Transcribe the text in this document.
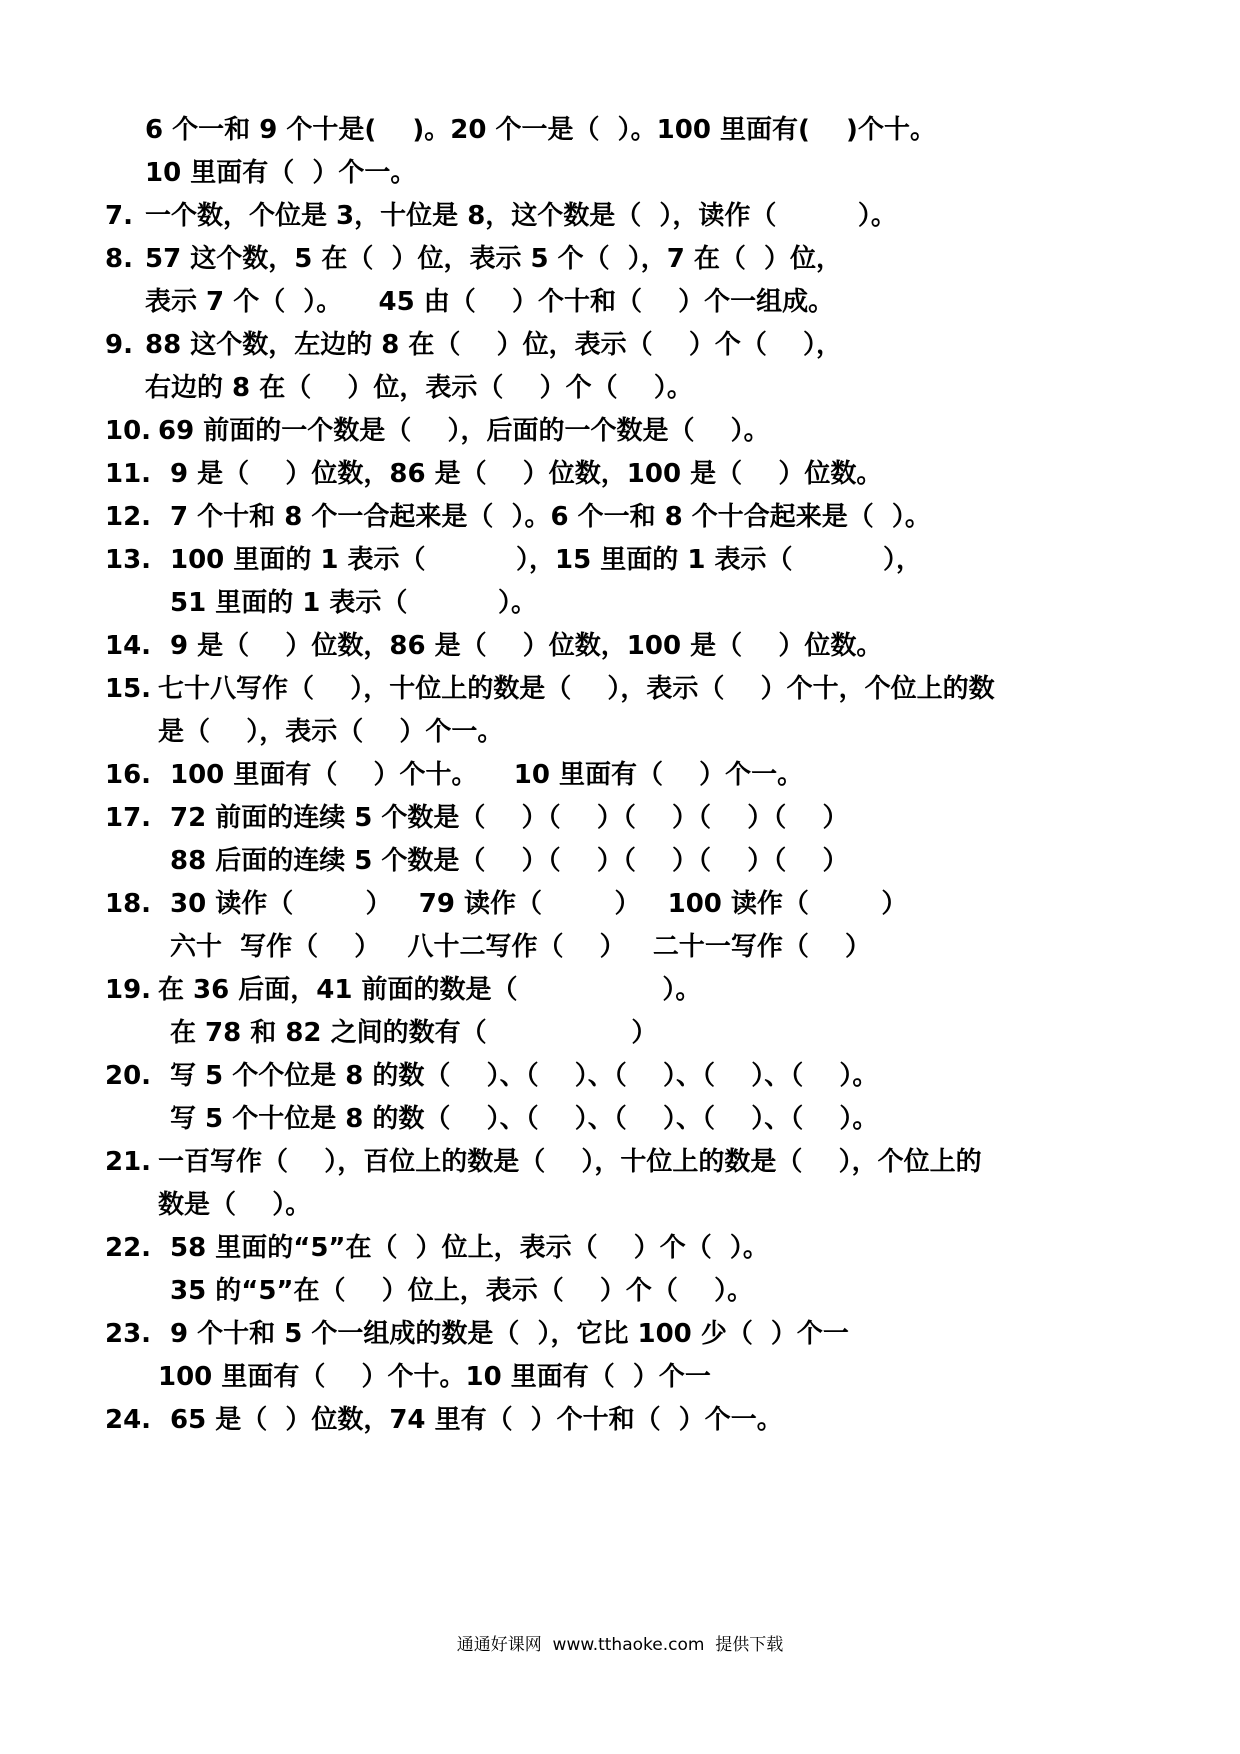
6 个一和 9 个十是(    )。20 个一是（  ）。100 里面有(    )个十。
10 里面有（  ）个一。
7. 一个数，个位是 3，十位是 8，这个数是（  ），读作（         ）。
8. 57 这个数，5 在（  ）位，表示 5 个（  ），7 在（  ）位，
表示 7 个（  ）。    45 由（    ）个十和（    ）个一组成。
9. 88 这个数，左边的 8 在（    ）位，表示（    ）个（    ），
右边的 8 在（    ）位，表示（    ）个（    ）。
10. 69 前面的一个数是（    ），后面的一个数是（    ）。
11. 9 是（    ）位数，86 是（    ）位数，100 是（    ）位数。
12. 7 个十和 8 个一合起来是（  ）。6 个一和 8 个十合起来是（  ）。
13. 100 里面的 1 表示（          ），15 里面的 1 表示（          ），
51 里面的 1 表示（          ）。
14. 9 是（    ）位数，86 是（    ）位数，100 是（    ）位数。
15. 七十八写作（    ），十位上的数是（    ），表示（    ）个十，个位上的数
是（    ），表示（    ）个一。
16. 100 里面有（    ）个十。    10 里面有（    ）个一。
17. 72 前面的连续 5 个数是（    ）（    ）（    ）（    ）（    ）
88 后面的连续 5 个数是（    ）（    ）（    ）（    ）（    ）
18. 30 读作（        ）   79 读作（        ）   100 读作（        ）
六十  写作（    ）   八十二写作（    ）   二十一写作（    ）
19. 在 36 后面，41 前面的数是（                ）。
在 78 和 82 之间的数有（                ）
20. 写 5 个个位是 8 的数（    ）、（    ）、（    ）、（    ）、（    ）。
写 5 个十位是 8 的数（    ）、（    ）、（    ）、（    ）、（    ）。
21. 一百写作（    ），百位上的数是（    ），十位上的数是（    ），个位上的
数是（    ）。
22. 58 里面的“5”在（  ）位上，表示（    ）个（  ）。
35 的“5”在（    ）位上，表示（    ）个（    ）。
23. 9 个十和 5 个一组成的数是（  ），它比 100 少（  ）个一
100 里面有（    ）个十。10 里面有（  ）个一
24. 65 是（  ）位数，74 里有（  ）个十和（  ）个一。
通通好课网  www.tthaoke.com  提供下载
